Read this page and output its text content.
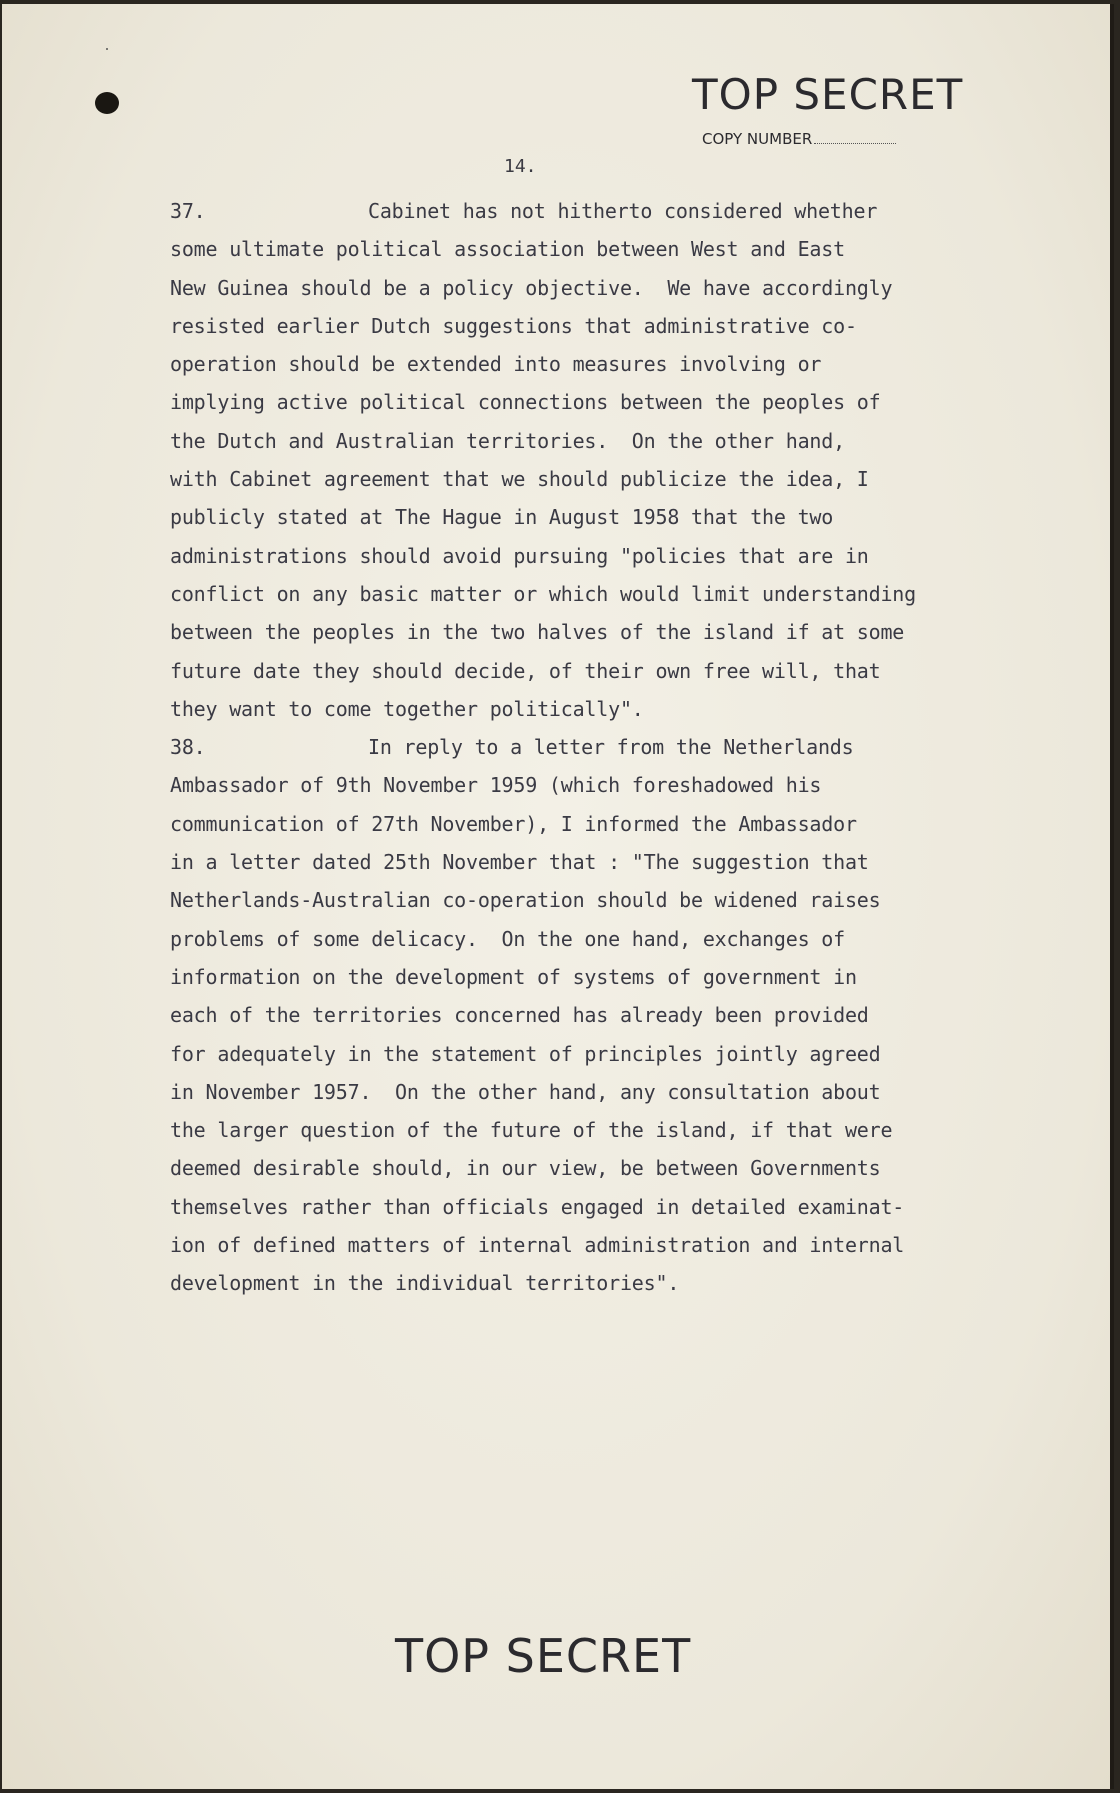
TOP SECRET
COPY NUMBER
14.

37.	Cabinet has not hitherto considered whether

some ultimate political association between West and East

New Guinea should be a policy objective.  We have accordingly

resisted earlier Dutch suggestions that administrative co-

operation should be extended into measures involving or

implying active political connections between the peoples of

the Dutch and Australian territories.  On the other hand,

with Cabinet agreement that we should publicize the idea, I

publicly stated at The Hague in August 1958 that the two

administrations should avoid pursuing "policies that are in

conflict on any basic matter or which would limit understanding

between the peoples in the two halves of the island if at some

future date they should decide, of their own free will, that

they want to come together politically".

38.	In reply to a letter from the Netherlands

Ambassador of 9th November 1959 (which foreshadowed his

communication of 27th November), I informed the Ambassador

in a letter dated 25th November that : "The suggestion that

Netherlands-Australian co-operation should be widened raises

problems of some delicacy.  On the one hand, exchanges of

information on the development of systems of government in

each of the territories concerned has already been provided

for adequately in the statement of principles jointly agreed

in November 1957.  On the other hand, any consultation about

the larger question of the future of the island, if that were

deemed desirable should, in our view, be between Governments

themselves rather than officials engaged in detailed examinat-

ion of defined matters of internal administration and internal

development in the individual territories".

TOP SECRET
